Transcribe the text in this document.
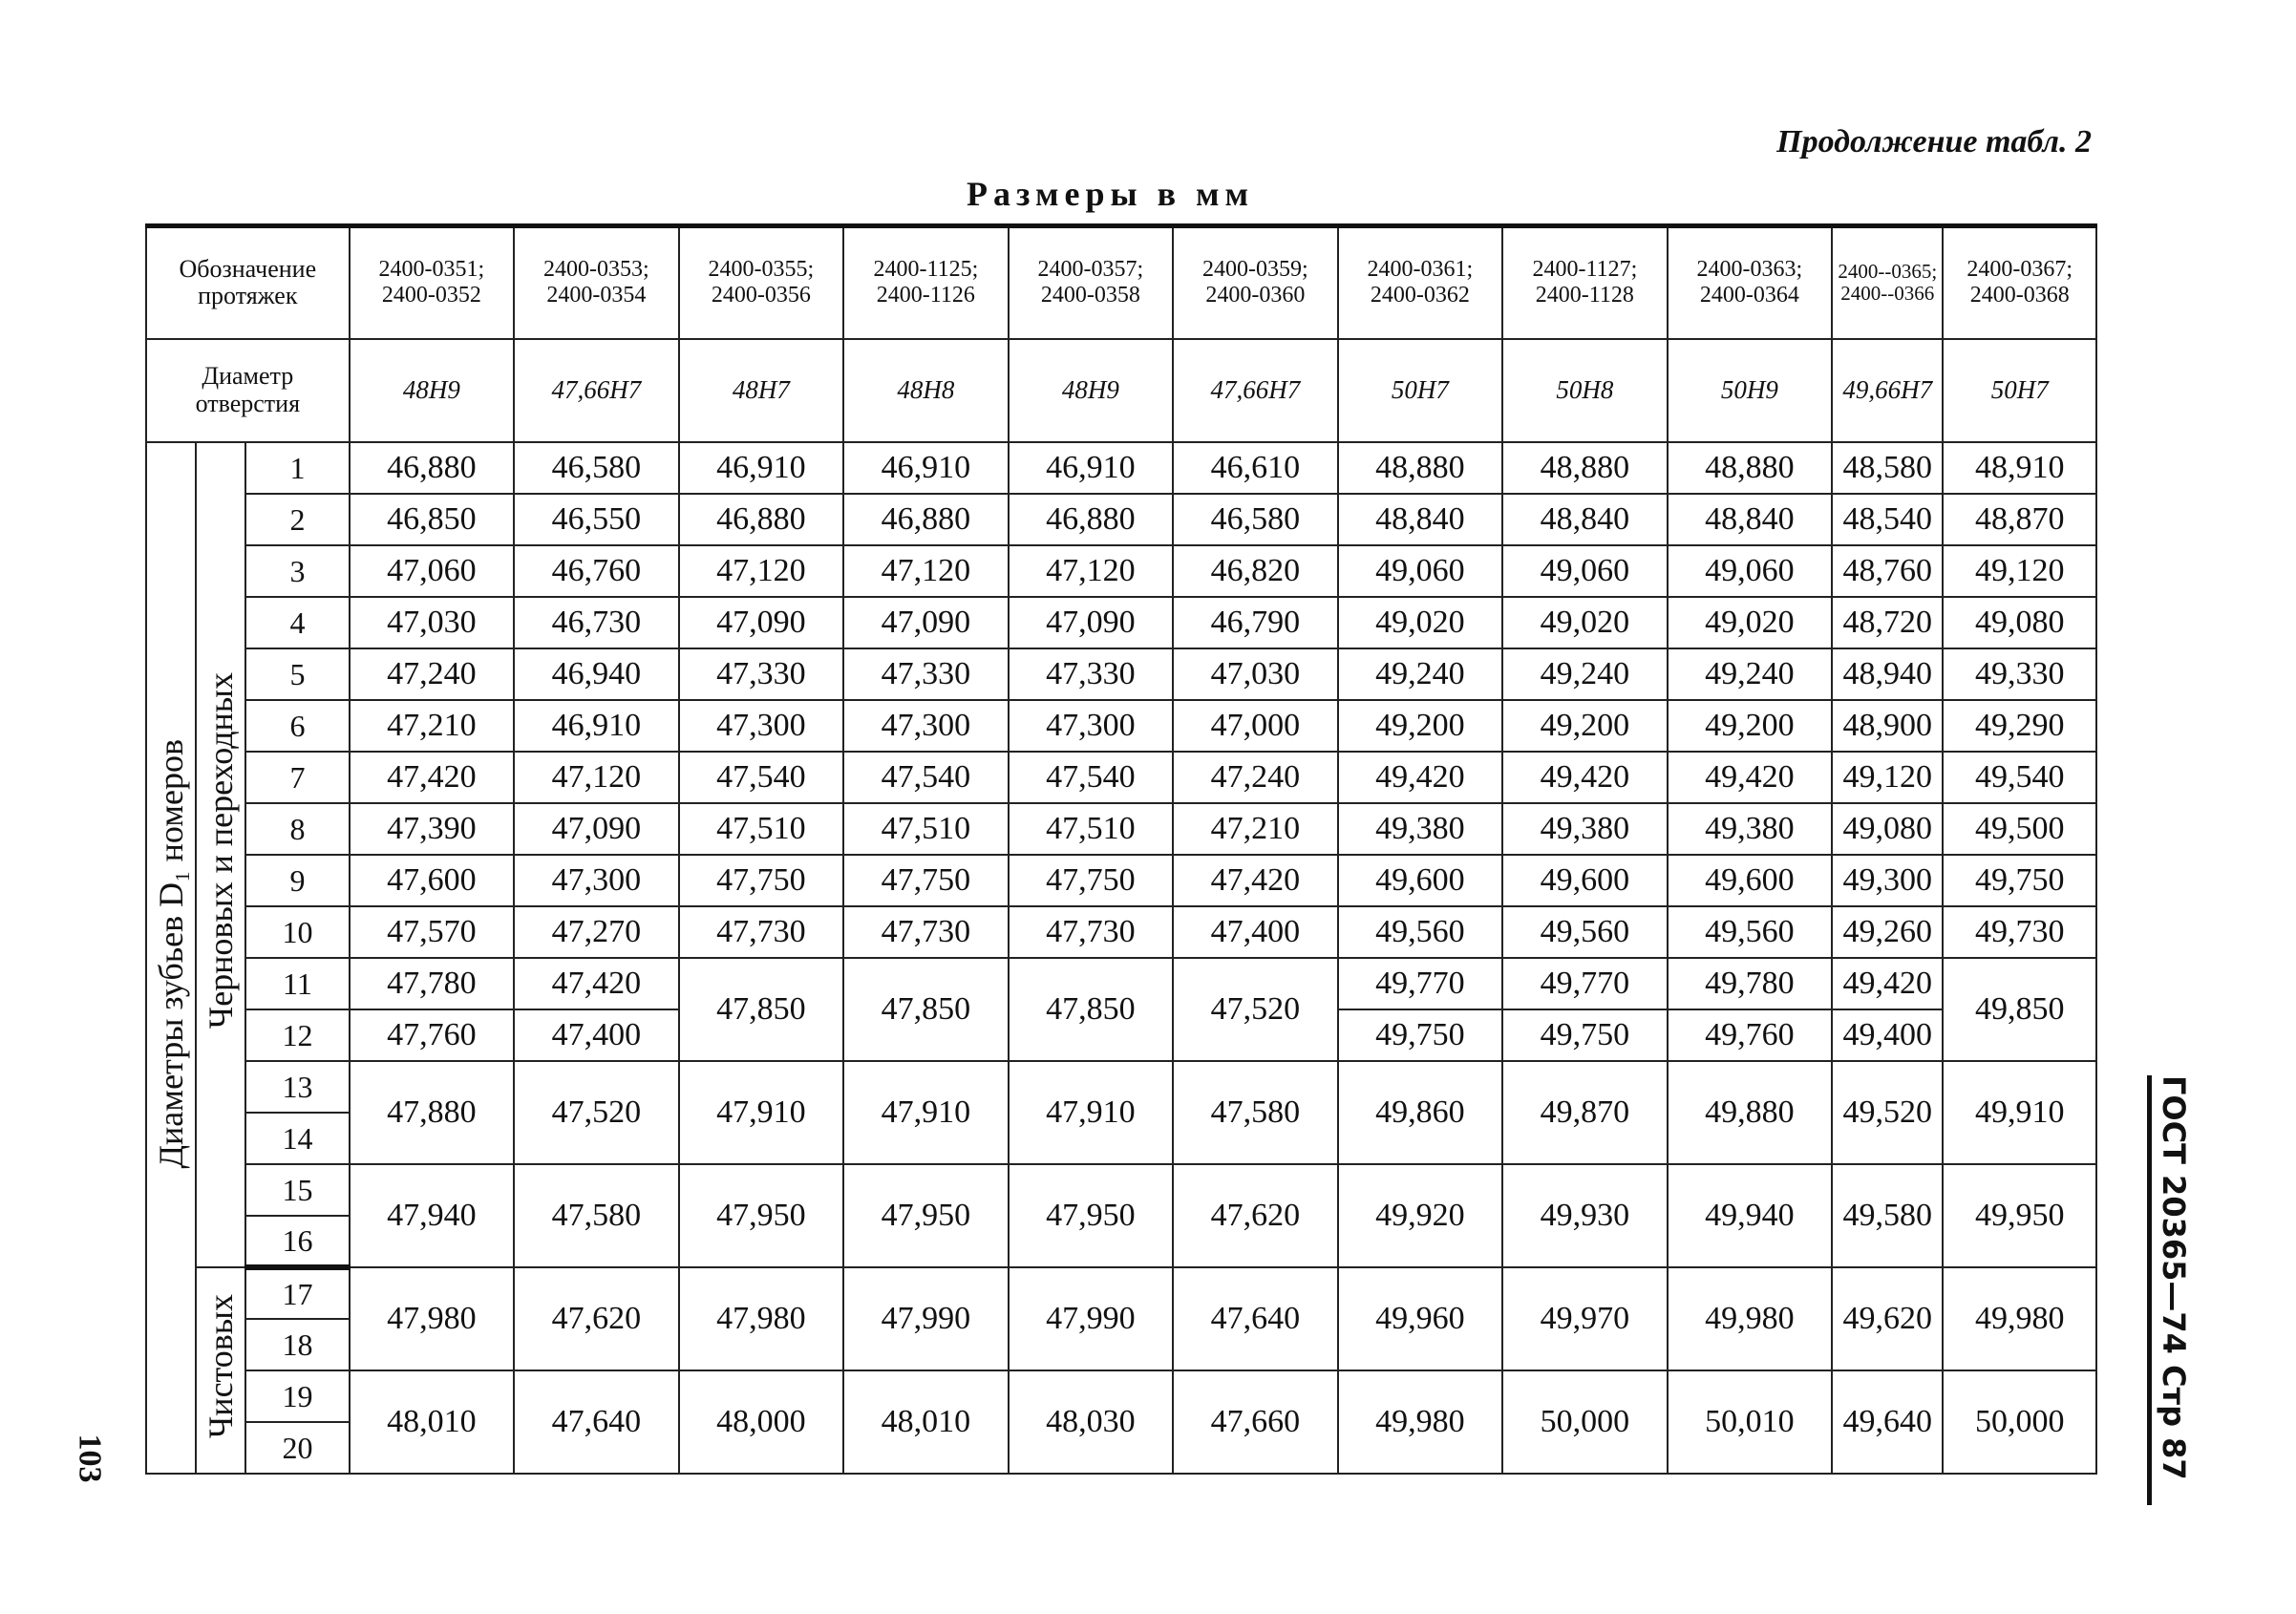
Продолжение табл. 2
Размеры в мм
Обозначение протяжек			2400-0351; 2400-0352	2400-0353; 2400-0354	2400-0355; 2400-0356	2400-1125; 2400-1126	2400-0357; 2400-0358	2400-0359; 2400-0360	2400-0361; 2400-0362	2400-1127; 2400-1128	2400-0363; 2400-0364	2400--0365; 2400--0366	2400-0367; 2400-0368
Диаметр отверстия			48H9	47,66H7	48H7	48H8	48H9	47,66H7	50H7	50H8	50H9	49,66H7	50H7
Диаметры зубьев D₁ номеров	Черновых и переходных	1	46,880	46,580	46,910	46,910	46,910	46,610	48,880	48,880	48,880	48,580	48,910
		2	46,850	46,550	46,880	46,880	46,880	46,580	48,840	48,840	48,840	48,540	48,870
		3	47,060	46,760	47,120	47,120	47,120	46,820	49,060	49,060	49,060	48,760	49,120
		4	47,030	46,730	47,090	47,090	47,090	46,790	49,020	49,020	49,020	48,720	49,080
		5	47,240	46,940	47,330	47,330	47,330	47,030	49,240	49,240	49,240	48,940	49,330
		6	47,210	46,910	47,300	47,300	47,300	47,000	49,200	49,200	49,200	48,900	49,290
		7	47,420	47,120	47,540	47,540	47,540	47,240	49,420	49,420	49,420	49,120	49,540
		8	47,390	47,090	47,510	47,510	47,510	47,210	49,380	49,380	49,380	49,080	49,500
		9	47,600	47,300	47,750	47,750	47,750	47,420	49,600	49,600	49,600	49,300	49,750
		10	47,570	47,270	47,730	47,730	47,730	47,400	49,560	49,560	49,560	49,260	49,730
		11	47,780	47,420	47,850	47,850	47,850	47,520	49,770	49,770	49,780	49,420	49,850
		12	47,760	47,400					49,750	49,750	49,760	49,400	
		13	47,880	47,520	47,910	47,910	47,910	47,580	49,860	49,870	49,880	49,520	49,910
		14											
		15	47,940	47,580	47,950	47,950	47,950	47,620	49,920	49,930	49,940	49,580	49,950
		16											
	Чистовых	17	47,980	47,620	47,980	47,990	47,990	47,640	49,960	49,970	49,980	49,620	49,980
		18											
		19	48,010	47,640	48,000	48,010	48,030	47,660	49,980	50,000	50,010	49,640	50,000
		20											
103	ГОСТ 20365—74 Стр 87
